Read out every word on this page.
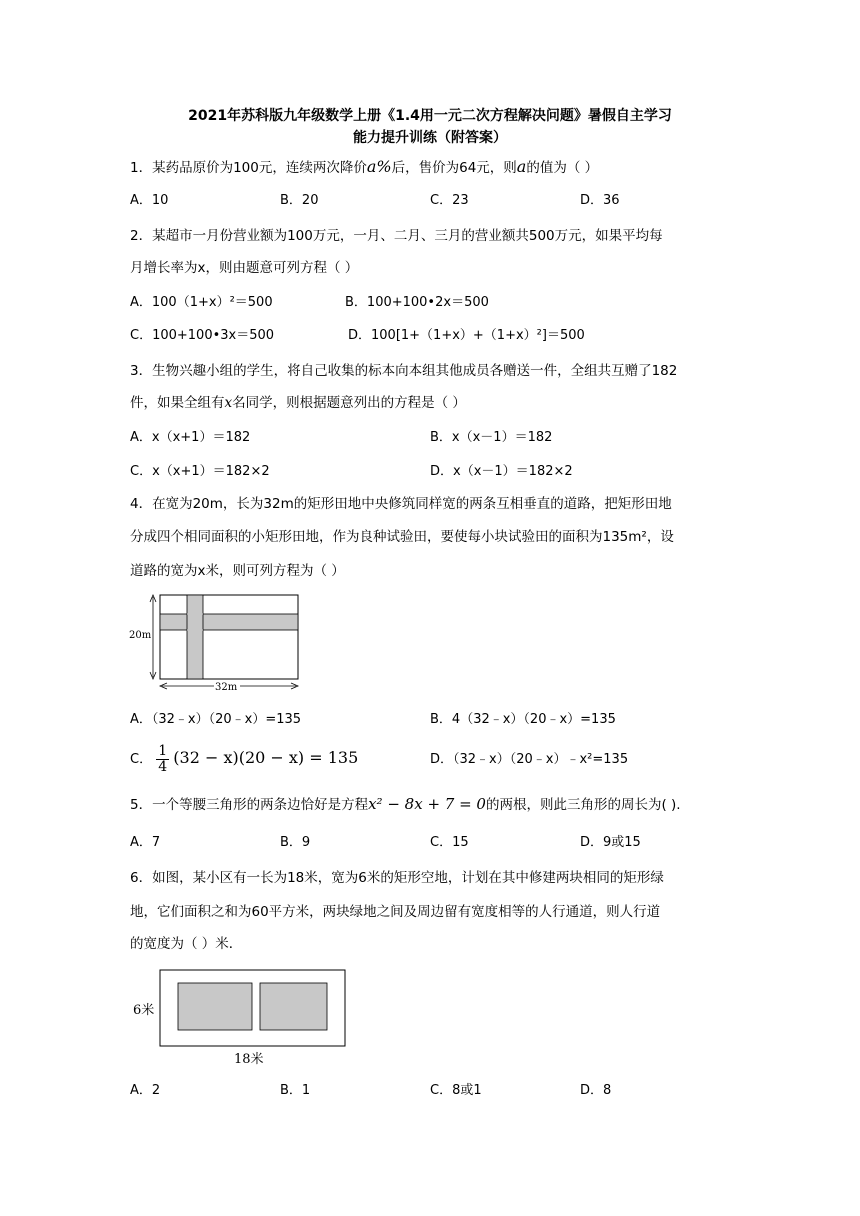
2021年苏科版九年级数学上册《1.4用一元二次方程解决问题》暑假自主学习
能力提升训练（附答案）
1．某药品原价为100元，连续两次降价a%后，售价为64元，则a的值为（ ）
A．10	B．20	C．23	D．36
2．某超市一月份营业额为100万元，一月、二月、三月的营业额共500万元，如果平均每
月增长率为x，则由题意可列方程（ ）
A．100（1+x）²＝500	B．100+100•2x＝500
C．100+100•3x＝500	D．100[1+（1+x）+（1+x）²]＝500
3．生物兴趣小组的学生，将自己收集的标本向本组其他成员各赠送一件，全组共互赠了182
件，如果全组有x名同学，则根据题意列出的方程是（ ）
A．x（x+1）＝182	B．x（x－1）＝182
C．x（x+1）＝182×2	D．x（x－1）＝182×2
4．在宽为20m，长为32m的矩形田地中央修筑同样宽的两条互相垂直的道路，把矩形田地
分成四个相同面积的小矩形田地，作为良种试验田，要使每小块试验田的面积为135m²，设
道路的宽为x米，则可列方程为（ ）
20m
32m
A．（32﹣x）（20﹣x）=135	B．4（32﹣x）（20﹣x）=135
C． $\frac{1}{4} (32 - x)(20 - x) = 135$	D．（32﹣x）（20﹣x）﹣x²=135
5．一个等腰三角形的两条边恰好是方程x² − 8x + 7 = 0的两根，则此三角形的周长为( ).
A．7	B．9	C．15	D．9或15
6．如图，某小区有一长为18米，宽为6米的矩形空地，计划在其中修建两块相同的矩形绿
地，它们面积之和为60平方米，两块绿地之间及周边留有宽度相等的人行通道，则人行道
的宽度为（ ）米．
6米
18米
A．2	B．1	C．8或1	D．8
